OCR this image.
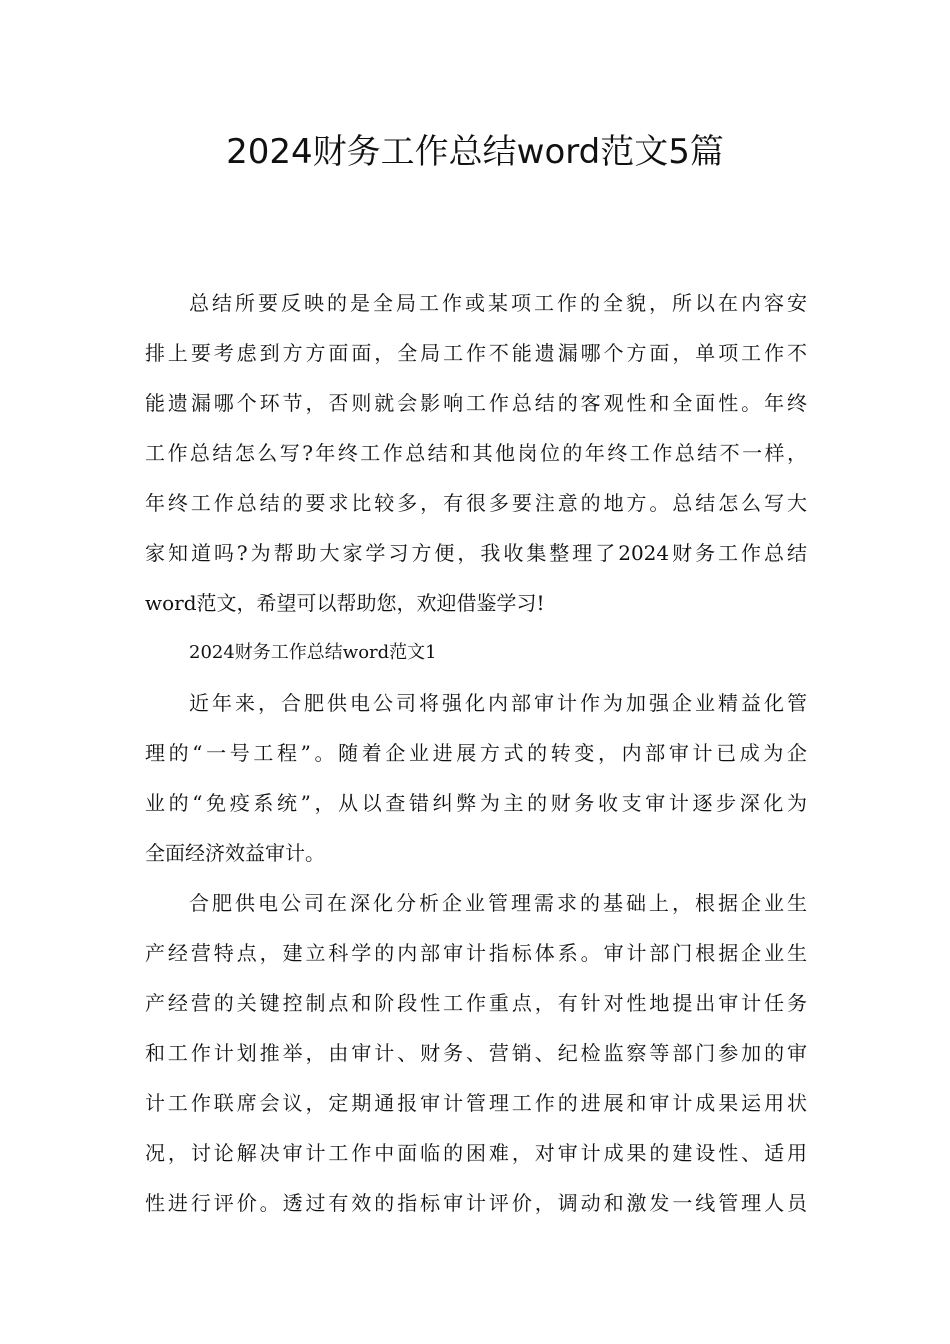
2024财务工作总结word范文5篇
总结所要反映的是全局工作或某项工作的全貌，所以在内容安
排上要考虑到方方面面，全局工作不能遗漏哪个方面，单项工作不
能遗漏哪个环节，否则就会影响工作总结的客观性和全面性。年终
工作总结怎么写?年终工作总结和其他岗位的年终工作总结不一样，
年终工作总结的要求比较多，有很多要注意的地方。总结怎么写大
家知道吗?为帮助大家学习方便，我收集整理了2024财务工作总结
word范文，希望可以帮助您，欢迎借鉴学习!
2024财务工作总结word范文1
近年来，合肥供电公司将强化内部审计作为加强企业精益化管
理的“一号工程”。随着企业进展方式的转变，内部审计已成为企
业的“免疫系统”，从以查错纠弊为主的财务收支审计逐步深化为
全面经济效益审计。
合肥供电公司在深化分析企业管理需求的基础上，根据企业生
产经营特点，建立科学的内部审计指标体系。审计部门根据企业生
产经营的关键控制点和阶段性工作重点，有针对性地提出审计任务
和工作计划推举，由审计、财务、营销、纪检监察等部门参加的审
计工作联席会议，定期通报审计管理工作的进展和审计成果运用状
况，讨论解决审计工作中面临的困难，对审计成果的建设性、适用
性进行评价。透过有效的指标审计评价，调动和激发一线管理人员
